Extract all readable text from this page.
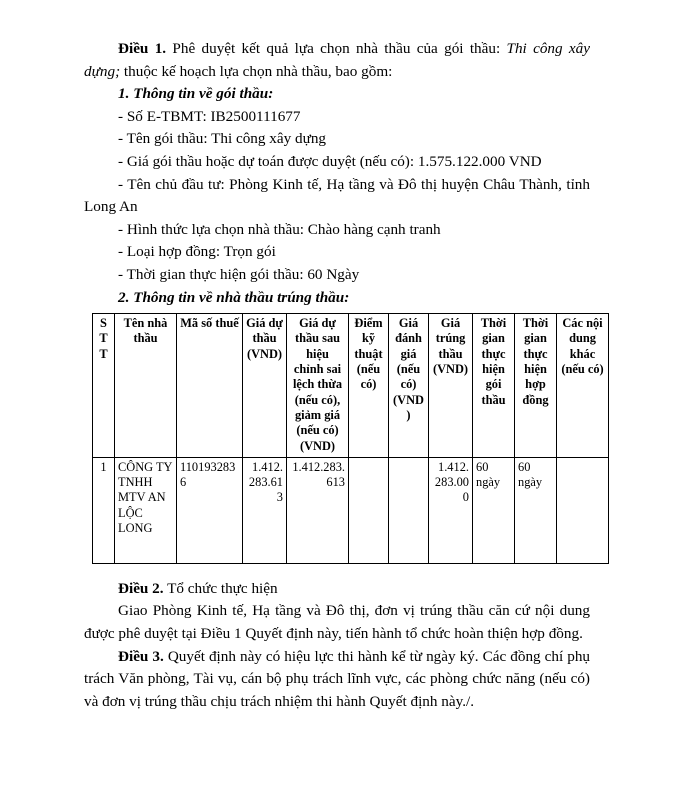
Điều 1. Phê duyệt kết quả lựa chọn nhà thầu của gói thầu: Thi công xây dựng; thuộc kế hoạch lựa chọn nhà thầu, bao gồm:

1. Thông tin về gói thầu:

- Số E-TBMT: IB2500111677

- Tên gói thầu: Thi công xây dựng

- Giá gói thầu hoặc dự toán được duyệt (nếu có): 1.575.122.000 VND

- Tên chủ đầu tư: Phòng Kinh tế, Hạ tầng và Đô thị huyện Châu Thành, tỉnh Long An

- Hình thức lựa chọn nhà thầu: Chào hàng cạnh tranh

- Loại hợp đồng: Trọn gói

- Thời gian thực hiện gói thầu: 60 Ngày

2. Thông tin về nhà thầu trúng thầu:

S T T	Tên nhà thầu	Mã số thuế	Giá dự thầu (VND)	Giá dự thầu sau hiệu chỉnh sai lệch thừa (nếu có), giảm giá (nếu có) (VND)	Điểm kỹ thuật (nếu có)	Giá đánh giá (nếu có) (VND)	Giá trúng thầu (VND)	Thời gian thực hiện gói thầu	Thời gian thực hiện hợp đồng	Các nội dung khác (nếu có)
1	CÔNG TY TNHH MTV AN LỘC LONG	1101932836	1.412.283.613	1.412.283.613			1.412.283.000	60 ngày	60 ngày	

Điều 2. Tổ chức thực hiện

Giao Phòng Kinh tế, Hạ tầng và Đô thị, đơn vị trúng thầu căn cứ nội dung được phê duyệt tại Điều 1 Quyết định này, tiến hành tổ chức hoàn thiện hợp đồng.

Điều 3. Quyết định này có hiệu lực thi hành kể từ ngày ký. Các đồng chí phụ trách Văn phòng, Tài vụ, cán bộ phụ trách lĩnh vực, các phòng chức năng (nếu có) và đơn vị trúng thầu chịu trách nhiệm thi hành Quyết định này./.
